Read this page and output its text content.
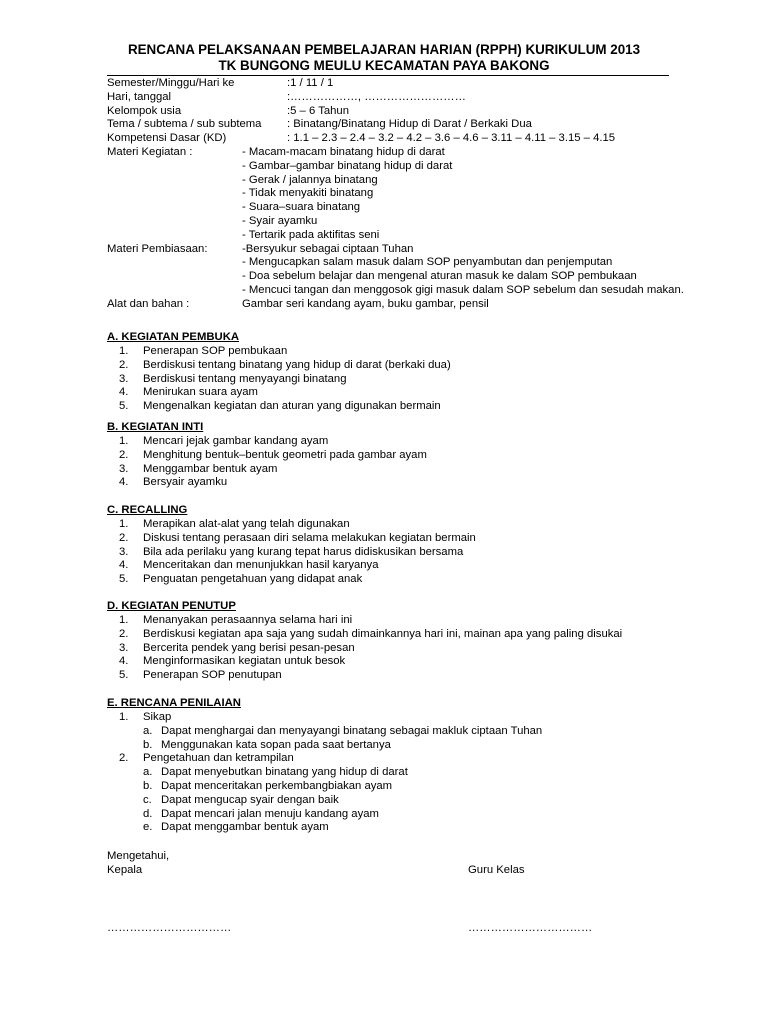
RENCANA PELAKSANAAN PEMBELAJARAN HARIAN (RPPH) KURIKULUM 2013
TK BUNGONG MEULU KECAMATAN PAYA BAKONG
Semester/Minggu/Hari ke	:1 / 11 / 1
Hari, tanggal	:………………, ………………………
Kelompok usia	:5 – 6 Tahun
Tema / subtema / sub subtema : Binatang/Binatang Hidup di Darat / Berkaki Dua
Kompetensi Dasar (KD)	: 1.1 – 2.3 – 2.4 – 3.2 – 4.2 – 3.6 – 4.6 – 3.11 – 4.11 – 3.15 – 4.15
Materi Kegiatan :	- Macam-macam binatang hidup di darat
- Gambar–gambar binatang hidup di darat
- Gerak / jalannya binatang
- Tidak menyakiti binatang
- Suara–suara binatang
- Syair ayamku
- Tertarik pada aktifitas seni
Materi Pembiasaan:	-Bersyukur sebagai ciptaan Tuhan
- Mengucapkan salam masuk dalam SOP penyambutan dan penjemputan
- Doa sebelum belajar dan mengenal aturan masuk ke dalam SOP pembukaan
- Mencuci tangan dan menggosok gigi masuk dalam SOP sebelum dan sesudah makan.
Alat dan bahan :	Gambar seri kandang ayam, buku gambar, pensil
A. KEGIATAN PEMBUKA
1. Penerapan SOP pembukaan
2. Berdiskusi tentang binatang yang hidup di darat (berkaki dua)
3. Berdiskusi tentang menyayangi binatang
4. Menirukan suara ayam
5. Mengenalkan kegiatan dan aturan yang digunakan bermain
B. KEGIATAN INTI
1. Mencari jejak gambar kandang ayam
2. Menghitung bentuk–bentuk geometri pada gambar ayam
3. Menggambar bentuk ayam
4. Bersyair ayamku
C. RECALLING
1. Merapikan alat-alat yang telah digunakan
2. Diskusi tentang perasaan diri selama melakukan kegiatan bermain
3. Bila ada perilaku yang kurang tepat harus didiskusikan bersama
4. Menceritakan dan menunjukkan hasil karyanya
5. Penguatan pengetahuan yang didapat anak
D. KEGIATAN PENUTUP
1. Menanyakan perasaannya selama hari ini
2. Berdiskusi kegiatan apa saja yang sudah dimainkannya hari ini, mainan apa yang paling disukai
3. Bercerita pendek yang berisi pesan-pesan
4. Menginformasikan kegiatan untuk besok
5. Penerapan SOP penutupan
E. RENCANA PENILAIAN
1. Sikap
a. Dapat menghargai dan menyayangi binatang sebagai makluk ciptaan Tuhan
b. Menggunakan kata sopan pada saat bertanya
2. Pengetahuan dan ketrampilan
a. Dapat menyebutkan binatang yang hidup di darat
b. Dapat menceritakan perkembangbiakan ayam
c. Dapat mengucap syair dengan baik
d. Dapat mencari jalan menuju kandang ayam
e. Dapat menggambar bentuk ayam
Mengetahui,
Kepala	Guru Kelas
……………………………	……………………………
